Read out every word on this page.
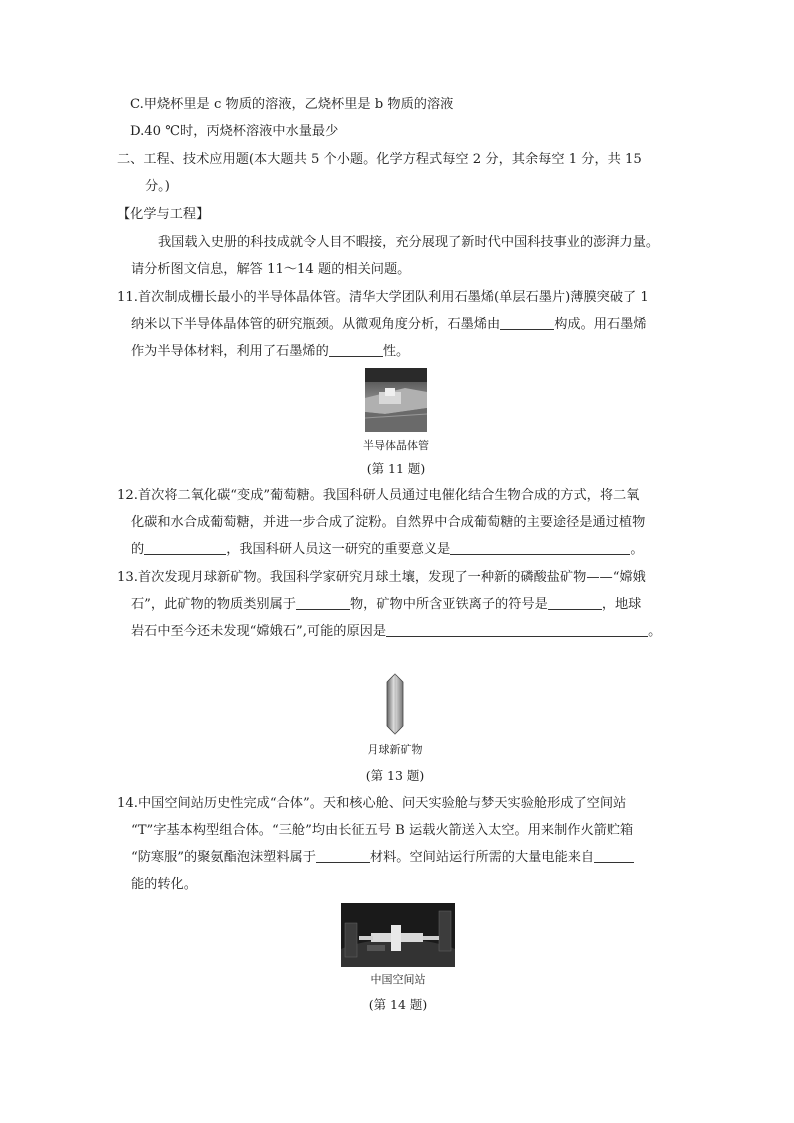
C.甲烧杯里是 c 物质的溶液，乙烧杯里是 b 物质的溶液
D.40 ℃时，丙烧杯溶液中水量最少
二、工程、技术应用题(本大题共 5 个小题。化学方程式每空 2 分，其余每空 1 分，共 15
分。)
【化学与工程】
我国载入史册的科技成就令人目不暇接，充分展现了新时代中国科技事业的澎湃力量。
请分析图文信息，解答 11～14 题的相关问题。
11.首次制成栅长最小的半导体晶体管。清华大学团队利用石墨烯(单层石墨片)薄膜突破了 1
纳米以下半导体晶体管的研究瓶颈。从微观角度分析，石墨烯由	构成。用石墨烯
作为半导体材料，利用了石墨烯的	性。
半导体晶体管
(第 11 题)
12.首次将二氧化碳“变成”葡萄糖。我国科研人员通过电催化结合生物合成的方式，将二氧
化碳和水合成葡萄糖，并进一步合成了淀粉。自然界中合成葡萄糖的主要途径是通过植物
的	，我国科研人员这一研究的重要意义是	。
13.首次发现月球新矿物。我国科学家研究月球土壤，发现了一种新的磷酸盐矿物——“嫦娥
石”，此矿物的物质类别属于	物，矿物中所含亚铁离子的符号是	，地球
岩石中至今还未发现“嫦娥石”,可能的原因是	。
月球新矿物
(第 13 题)
14.中国空间站历史性完成“合体”。天和核心舱、问天实验舱与梦天实验舱形成了空间站
“T”字基本构型组合体。“三舱”均由长征五号 B 运载火箭送入太空。用来制作火箭贮箱
“防寒服”的聚氨酯泡沫塑料属于	材料。空间站运行所需的大量电能来自
能的转化。
中国空间站
(第 14 题)
